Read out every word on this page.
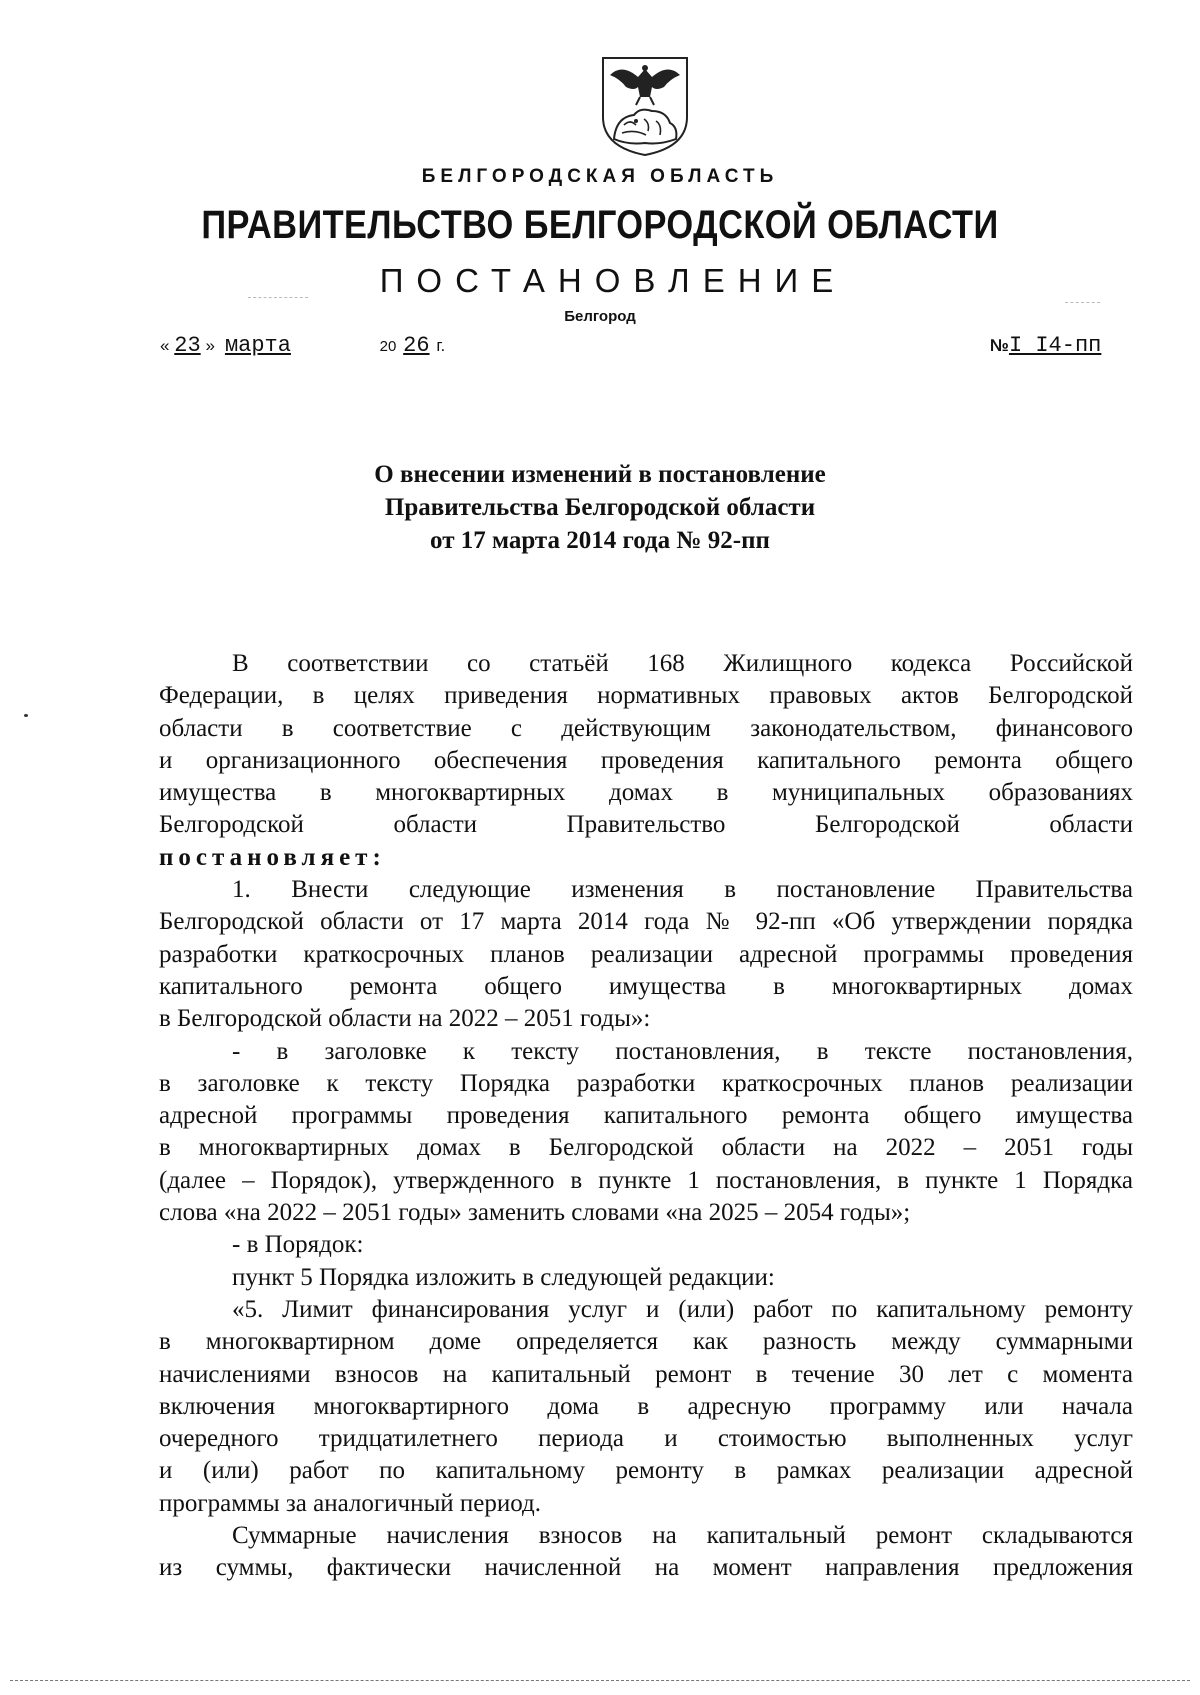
БЕЛГОРОДСКАЯ ОБЛАСТЬ
ПРАВИТЕЛЬСТВО БЕЛГОРОДСКОЙ ОБЛАСТИ
ПОСТАНОВЛЕНИЕ
Белгород
« 23 » марта	20 26 г.	№I I4-пп
О внесении изменений в постановление
Правительства Белгородской области
от 17 марта 2014 года № 92-пп
В соответствии со статьёй 168 Жилищного кодекса Российской
Федерации, в целях приведения нормативных правовых актов Белгородской
области в соответствие с действующим законодательством, финансового
и организационного обеспечения проведения капитального ремонта общего
имущества в многоквартирных домах в муниципальных образованиях
Белгородской области Правительство Белгородской области
постановляет:
1. Внести следующие изменения в постановление Правительства
Белгородской области от 17 марта 2014 года № 92-пп «Об утверждении порядка
разработки краткосрочных планов реализации адресной программы проведения
капитального ремонта общего имущества в многоквартирных домах
в Белгородской области на 2022 – 2051 годы»:
- в заголовке к тексту постановления, в тексте постановления,
в заголовке к тексту Порядка разработки краткосрочных планов реализации
адресной программы проведения капитального ремонта общего имущества
в многоквартирных домах в Белгородской области на 2022 – 2051 годы
(далее – Порядок), утвержденного в пункте 1 постановления, в пункте 1 Порядка
слова «на 2022 – 2051 годы» заменить словами «на 2025 – 2054 годы»;
- в Порядок:
пункт 5 Порядка изложить в следующей редакции:
«5. Лимит финансирования услуг и (или) работ по капитальному ремонту
в многоквартирном доме определяется как разность между суммарными
начислениями взносов на капитальный ремонт в течение 30 лет с момента
включения многоквартирного дома в адресную программу или начала
очередного тридцатилетнего периода и стоимостью выполненных услуг
и (или) работ по капитальному ремонту в рамках реализации адресной
программы за аналогичный период.
Суммарные начисления взносов на капитальный ремонт складываются
из суммы, фактически начисленной на момент направления предложения
